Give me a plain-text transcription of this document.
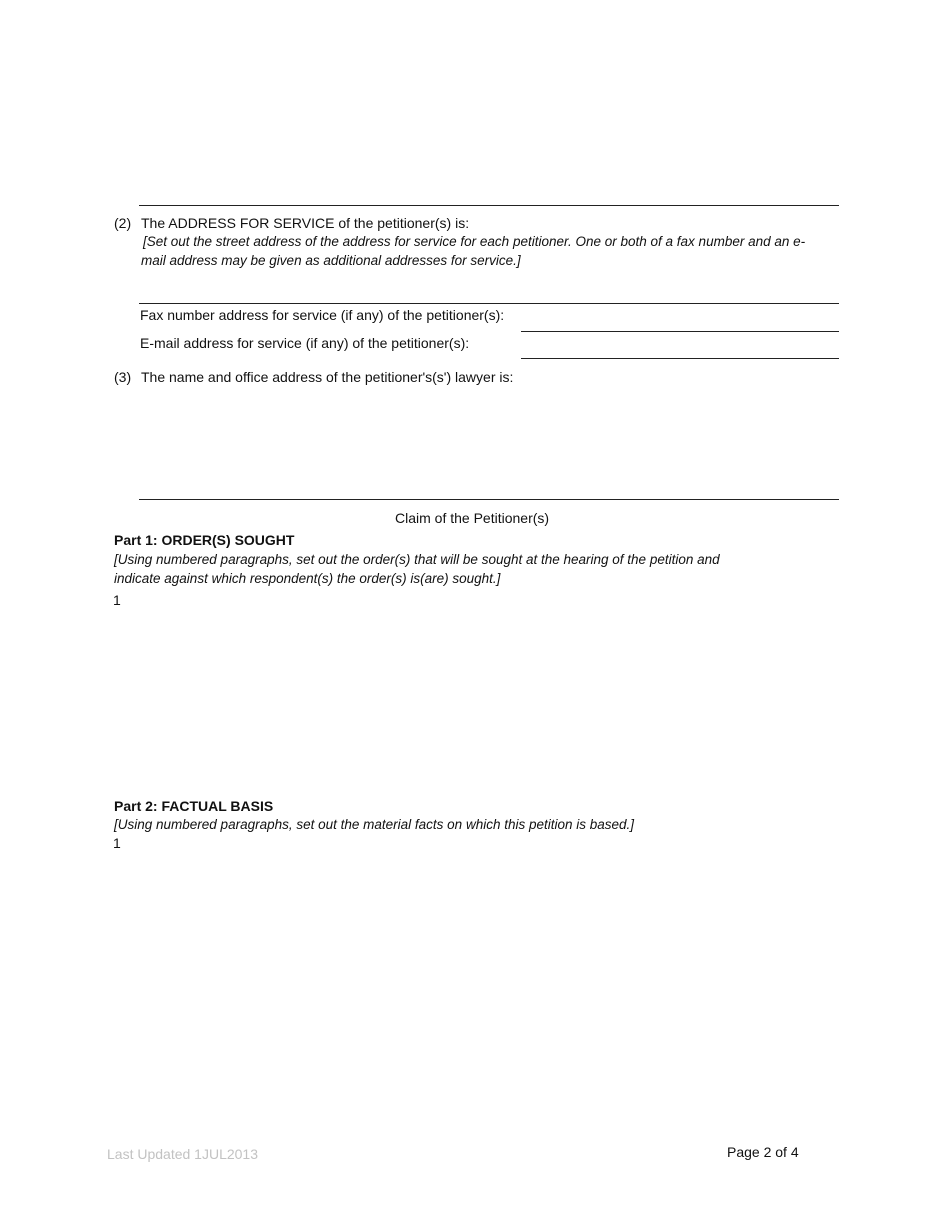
(2) The ADDRESS FOR SERVICE of the petitioner(s) is:
[Set out the street address of the address for service for each petitioner. One or both of a fax number and an e-
mail address may be given as additional addresses for service.]
Fax number address for service (if any) of the petitioner(s):
E-mail address for service (if any) of the petitioner(s):
(3) The name and office address of the petitioner's(s') lawyer is:
Claim of the Petitioner(s)
Part 1: ORDER(S) SOUGHT
[Using numbered paragraphs, set out the order(s) that will be sought at the hearing of the petition and
indicate against which respondent(s) the order(s) is(are) sought.]
1
Part 2: FACTUAL BASIS
[Using numbered paragraphs, set out the material facts on which this petition is based.]
1
Last Updated 1JUL2013	Page 2 of 4
